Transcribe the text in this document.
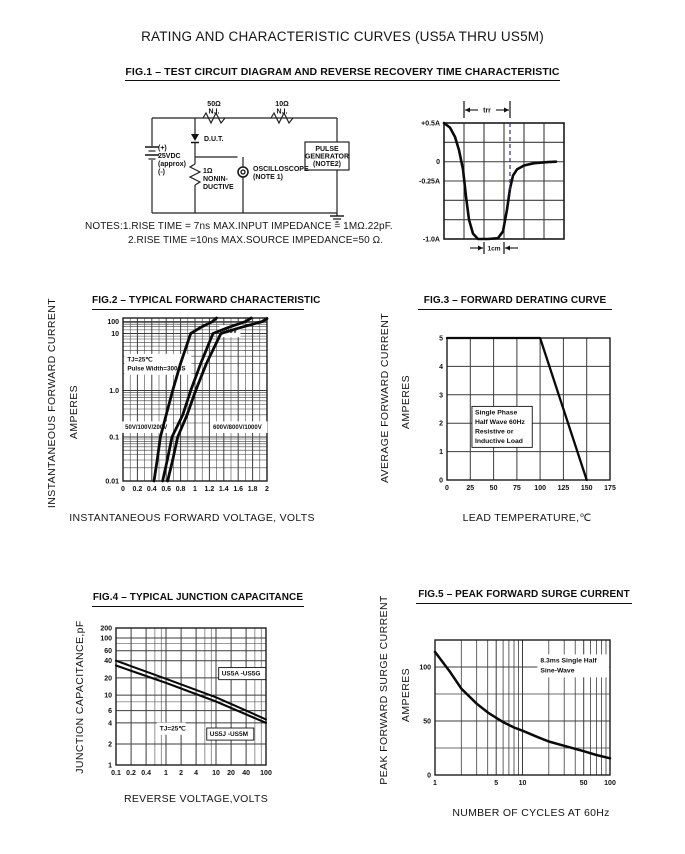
RATING AND CHARACTERISTIC CURVES (US5A THRU US5M)
FIG.1 – TEST CIRCUIT DIAGRAM AND REVERSE RECOVERY TIME CHARACTERISTIC
50Ω
N.I.
10Ω
N.I.
D.U.T.
(+)
25VDC
(approx)
(-)	1Ω
NONIN-
DUCTIVE
OSCILLOSCOPE
(NOTE 1)
PULSE
GENERATOR
(NOTE2)
trr
1cm
+0.5A
0
-0.25A
-1.0A
NOTES:1.RISE TIME = 7ns MAX.INPUT IMPEDANCE = 1MΩ.22pF.
2.RISE TIME =10ns MAX.SOURCE IMPEDANCE=50 Ω.
FIG.2 – TYPICAL FORWARD CHARACTERISTIC
TJ=25℃
Pulse Width=300μS
400V
50V/100V/200V	600V/800V/1000V
0 0.2 0.4 0.6 0.8 1 1.2 1.4 1.6 1.8 2
100
10
1.0
0.1
0.01
INSTANTANEOUS FORWARD CURRENT AMPERES
INSTANTANEOUS FORWARD VOLTAGE, VOLTS
FIG.3 – FORWARD DERATING CURVE
Single Phase
Half Wave 60Hz
Resistive or
Inductive Load
0 25 50 75 100 125 150 175
5
4
3
2
1
0
AVERAGE FORWARD CURRENT AMPERES
LEAD TEMPERATURE,℃
FIG.4 – TYPICAL JUNCTION CAPACITANCE
US5A -US5G
US5J -US5M
TJ=25℃
0.1 0.2 0.4 1 2 4 10 20 40 100
200
100
60
40
20
10
6
4
2
1
JUNCTION CAPACITANCE,pF
REVERSE VOLTAGE,VOLTS
FIG.5 – PEAK FORWARD SURGE CURRENT
8.3ms Single Half
Sine-Wave
1	5	10	50 100
100
50
0
PEAK FORWARD SURGE CURRENT AMPERES
NUMBER OF CYCLES AT 60Hz
